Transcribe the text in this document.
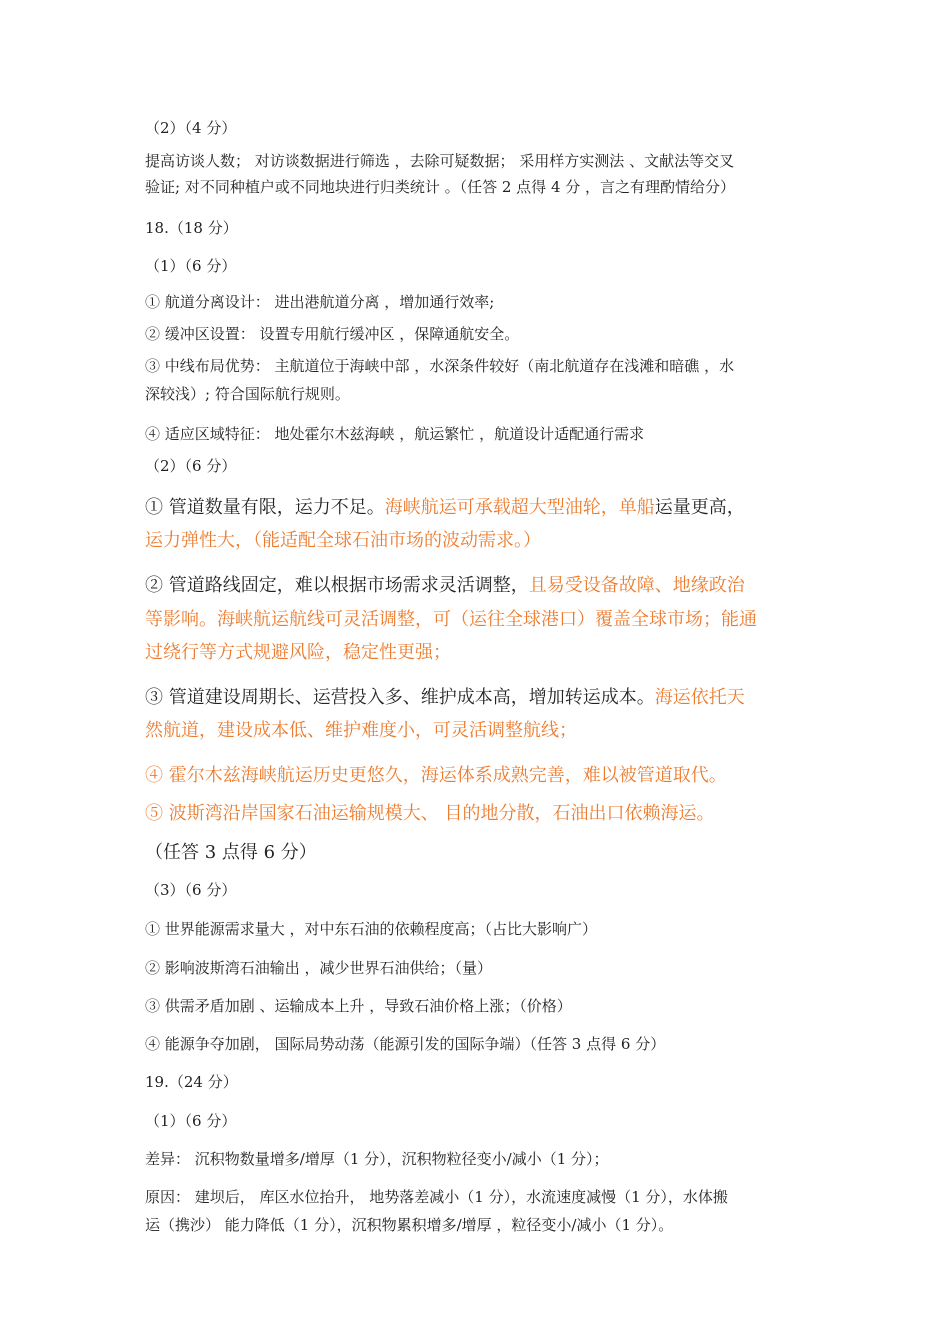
（2）（4 分）
提高访谈人数； 对访谈数据进行筛选 ，去除可疑数据； 采用样方实测法 、文献法等交叉
验证; 对不同种植户或不同地块进行归类统计 。（任答 2 点得 4 分 ，言之有理酌情给分）
18.（18 分）
（1）（6 分）
① 航道分离设计： 进出港航道分离 ，增加通行效率;
② 缓冲区设置： 设置专用航行缓冲区 ，保障通航安全。
③ 中线布局优势： 主航道位于海峡中部 ，水深条件较好（南北航道存在浅滩和暗礁 ，水
深较浅）; 符合国际航行规则。
④ 适应区域特征： 地处霍尔木兹海峡 ，航运繁忙 ，航道设计适配通行需求
（2）（6 分）
① 管道数量有限，运力不足。海峡航运可承载超大型油轮，单船运量更高，
运力弹性大，（能适配全球石油市场的波动需求。）
② 管道路线固定，难以根据市场需求灵活调整，且易受设备故障、地缘政治
等影响。海峡航运航线可灵活调整，可（运往全球港口）覆盖全球市场；能通
过绕行等方式规避风险，稳定性更强；
③ 管道建设周期长、运营投入多、维护成本高，增加转运成本。海运依托天
然航道，建设成本低、维护难度小，可灵活调整航线；
④ 霍尔木兹海峡航运历史更悠久，海运体系成熟完善，难以被管道取代。
⑤ 波斯湾沿岸国家石油运输规模大、 目的地分散，石油出口依赖海运。
（任答 3 点得 6 分）
（3）（6 分）
① 世界能源需求量大 ，对中东石油的依赖程度高；（占比大影响广）
② 影响波斯湾石油输出 ，减少世界石油供给；（量）
③ 供需矛盾加剧 、运输成本上升 ，导致石油价格上涨；（价格）
④ 能源争夺加剧， 国际局势动荡（能源引发的国际争端）（任答 3 点得 6 分）
19.（24 分）
（1）（6 分）
差异： 沉积物数量增多/增厚（1 分），沉积物粒径变小/减小（1 分）；
原因： 建坝后， 库区水位抬升， 地势落差减小（1 分），水流速度减慢（1 分），水体搬
运（携沙） 能力降低（1 分），沉积物累积增多/增厚 ，粒径变小/减小（1 分）。
